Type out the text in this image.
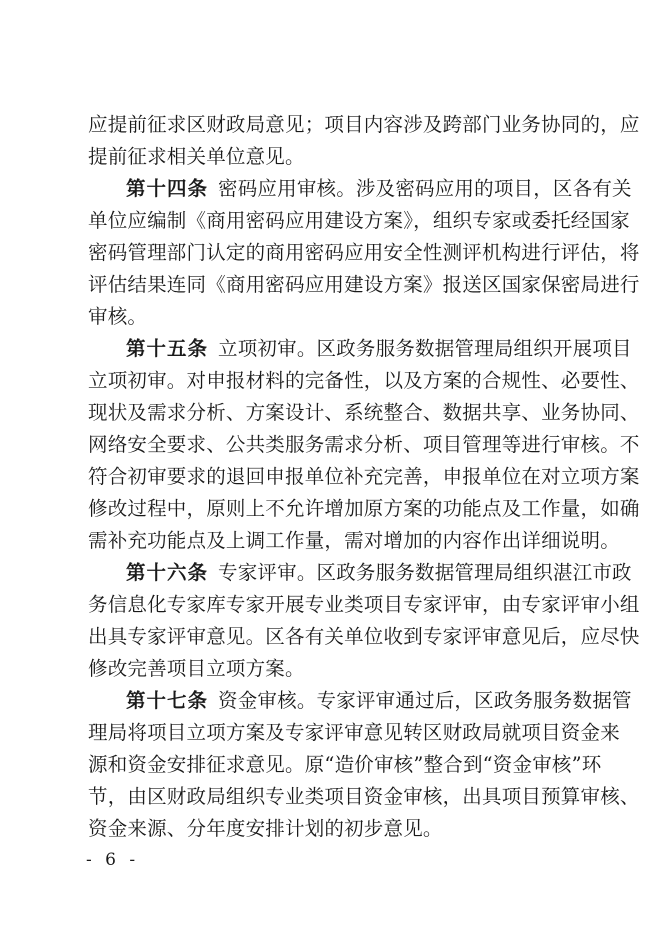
应提前征求区财政局意见；项目内容涉及跨部门业务协同的，应
提前征求相关单位意见。
第十四条 密码应用审核。涉及密码应用的项目，区各有关
单位应编制《商用密码应用建设方案》，组织专家或委托经国家
密码管理部门认定的商用密码应用安全性测评机构进行评估，将
评估结果连同《商用密码应用建设方案》报送区国家保密局进行
审核。
第十五条 立项初审。区政务服务数据管理局组织开展项目
立项初审。对申报材料的完备性，以及方案的合规性、必要性、
现状及需求分析、方案设计、系统整合、数据共享、业务协同、
网络安全要求、公共类服务需求分析、项目管理等进行审核。不
符合初审要求的退回申报单位补充完善，申报单位在对立项方案
修改过程中，原则上不允许增加原方案的功能点及工作量，如确
需补充功能点及上调工作量，需对增加的内容作出详细说明。
第十六条 专家评审。区政务服务数据管理局组织湛江市政
务信息化专家库专家开展专业类项目专家评审，由专家评审小组
出具专家评审意见。区各有关单位收到专家评审意见后，应尽快
修改完善项目立项方案。
第十七条 资金审核。专家评审通过后，区政务服务数据管
理局将项目立项方案及专家评审意见转区财政局就项目资金来
源和资金安排征求意见。原“造价审核”整合到“资金审核”环
节，由区财政局组织专业类项目资金审核，出具项目预算审核、
资金来源、分年度安排计划的初步意见。
- 6 -
